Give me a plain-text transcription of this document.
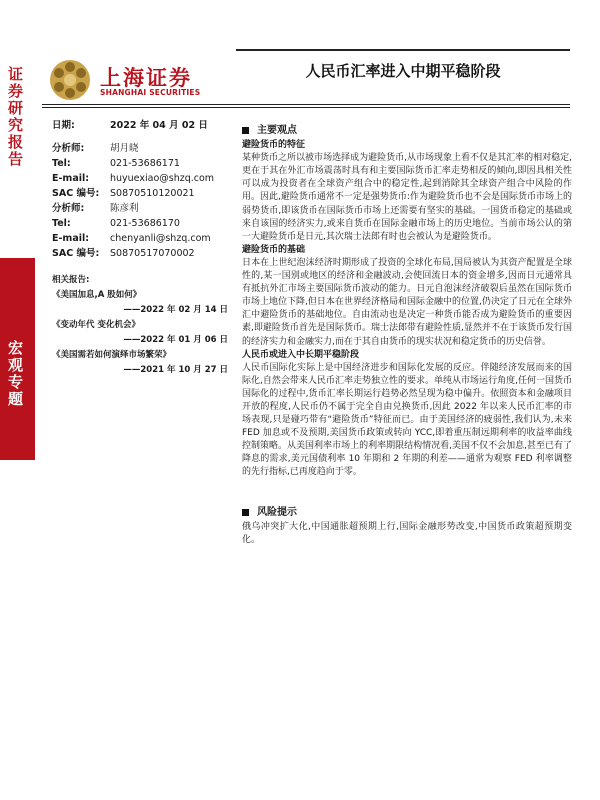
证券研究报告
宏观专题
上海证券
SHANGHAI SECURITIES
人民币汇率进入中期平稳阶段
日期:	2022 年 04 月 02 日
分析师:	胡月晓
Tel:	021-53686171
E-mail:	huyuexiao@shzq.com
SAC 编号:	S0870510120021
分析师:	陈彦利
Tel:	021-53686170
E-mail:	chenyanli@shzq.com
SAC 编号:	S0870517070002
相关报告:
《美国加息,A 股如何》
——2022 年 02 月 14 日
《变动年代 变化机会》
——2022 年 01 月 06 日
《美国需若如何演绎市场繁荣》
——2021 年 10 月 27 日
主要观点
避险货币的特征
某种货币之所以被市场选择成为避险货币,从市场现象上看不仅是其汇率的相对稳定,更在于其在外汇市场震荡时具有和主要国际货币汇率走势相反的倾向,即因具相关性可以成为投资者在全球资产组合中的稳定性,起到消除其全球资产组合中风险的作用。因此,避险货币通常不一定是强势货币:作为避险货币也不会是国际货币市场上的弱势货币,即该货币在国际货币市场上还需要有坚实的基础。一国货币稳定的基础或来自该国的经济实力,或来自货币在国际金融市场上的历史地位。当前市场公认的第一大避险货币是日元,其次瑞士法郎有时也会被认为是避险货币。
避险货币的基础
日本在上世纪泡沫经济时期形成了投资的全球化布局,国局被认为其资产配置是全球性的,某一国别或地区的经济和金融波动,会使回流日本的资金增多,因而日元通常具有抵抗外汇市场主要国际货币波动的能力。日元自泡沫经济破裂后虽然在国际货币市场上地位下降,但日本在世界经济格局和国际金融中的位置,仍决定了日元在全球外汇中避险货币的基础地位。自由流动也是决定一种货币能否成为避险货币的重要因素,即避险货币首先是国际货币。瑞士法郎带有避险性质,显然并不在于该货币发行国的经济实力和金融实力,而在于其自由货币的现实状况和稳定货币的历史信誉。
人民币或进入中长期平稳阶段
人民币国际化实际上是中国经济进步和国际化发展的反应。伴随经济发展而来的国际化,自然会带来人民币汇率走势独立性的要求。单纯从市场运行角度,任何一国货币国际化的过程中,货币汇率长期运行趋势必然呈现为稳中偏升。依照资本和金融项目开放的程度,人民币仍不属于完全自由兑换货币,因此 2022 年以来人民币汇率的市场表现,只是碰巧带有“避险货币”特征而已。由于美国经济的疲弱性,我们认为,未来 FED 加息或不及预期,美国货币政策或转向 YCC,即着重压制远期利率的收益率曲线控制策略。从美国利率市场上的利率期限结构情况看,美国不仅不会加息,甚至已有了降息的需求,美元国债利率 10 年期和 2 年期的利差——通常为观察 FED 利率调整的先行指标,已再度趋向于零。
风险提示
俄乌冲突扩大化,中国通胀超预期上行,国际金融形势改变,中国货币政策超预期变化。
